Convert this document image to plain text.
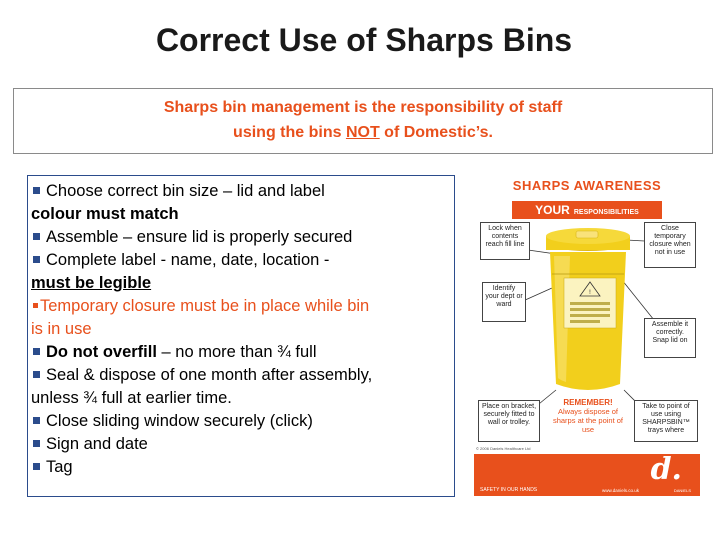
Correct Use of Sharps Bins
Sharps bin management is the responsibility of staff
using the bins NOT of Domestic’s.
Choose correct bin size – lid and label
colour must match
Assemble – ensure lid is properly secured
Complete label - name, date, location -
must be legible
Temporary closure must be in place while bin
is in use
Do not overfill – no more than ¾ full
Seal & dispose of one month after assembly,
unless ¾ full at earlier time.
Close sliding window securely (click)
Sign and date
Tag
SHARPS AWARENESS
YOUR RESPONSIBILITIES
!
Lock when contents reach fill line
Close temporary closure when not in use
Identify your dept or ward
Assemble it correctly. Snap lid on
Place on bracket, securely fitted to wall or trolley.
Take to point of use using SHARPSBIN™ trays where
REMEMBER!
Always dispose of sharps at the point of use
© 2006 Daniels Healthcare Ltd
SAFETY IN OUR HANDS	www.daniels.co.uk
d.
DANIELS
